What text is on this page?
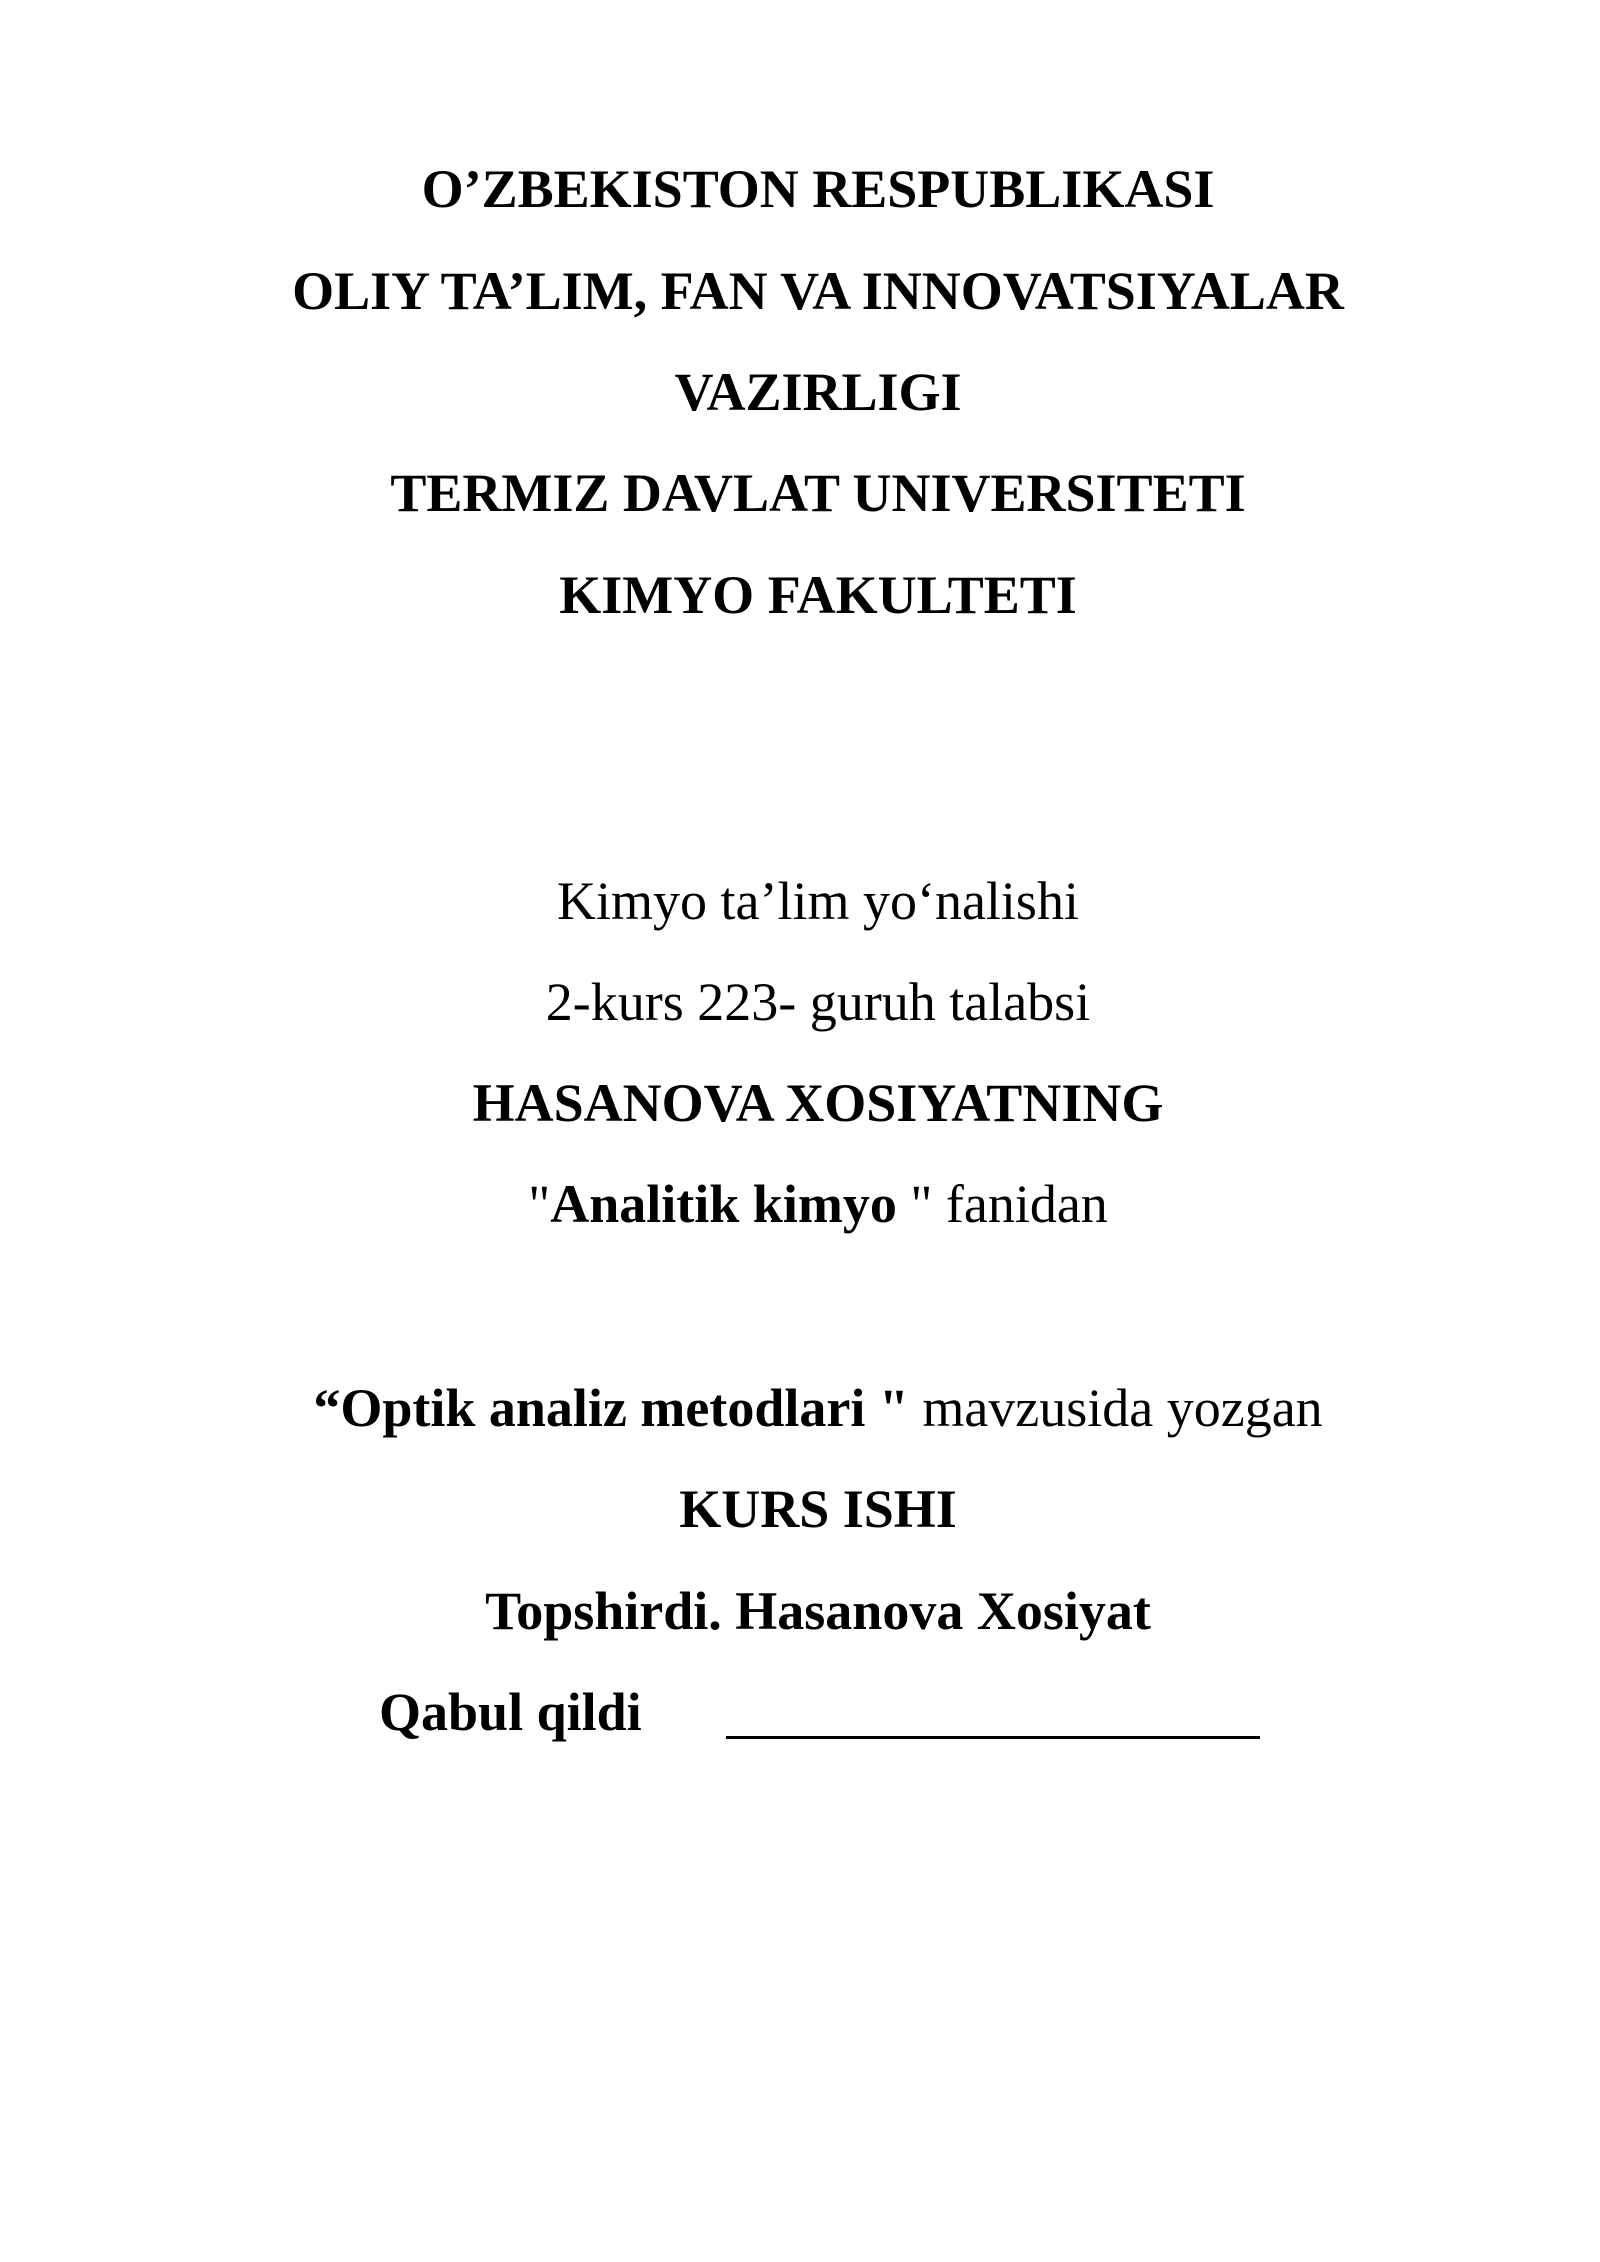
O’ZBEKISTON RESPUBLIKASI
OLIY TA’LIM, FAN VA INNOVATSIYALAR
VAZIRLIGI
TERMIZ DAVLAT UNIVERSITETI
KIMYO FAKULTETI
Kimyo ta’lim yo‘nalishi
2-kurs 223- guruh talabsi
HASANOVA XOSIYATNING
"Analitik kimyo " fanidan
“Optik analiz metodlari " mavzusida yozgan
KURS ISHI
Topshirdi. Hasanova Xosiyat
Qabul qildi
